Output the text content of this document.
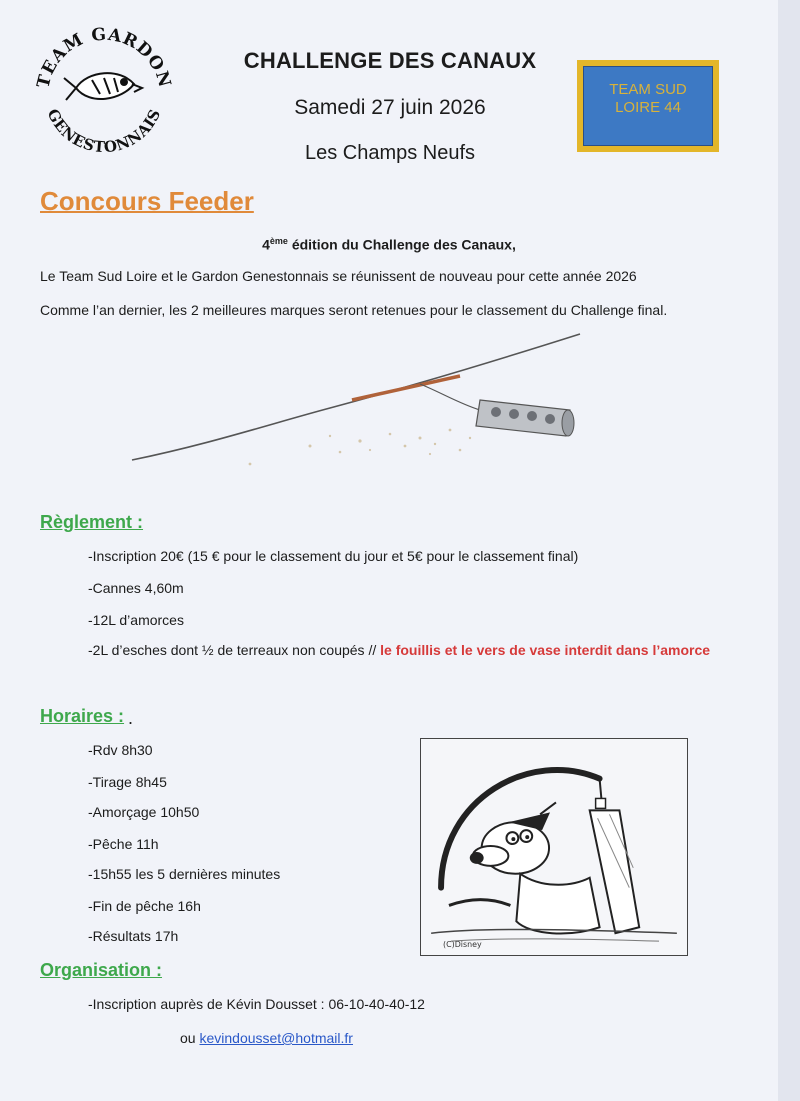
TEAM GARDON
GENESTONNAIS
CHALLENGE DES CANAUX
Samedi 27 juin 2026
Les Champs Neufs
TEAM SUD
LOIRE 44
Concours Feeder
4ème édition du Challenge des Canaux,
Le Team Sud Loire et le Gardon Genestonnais se réunissent de nouveau pour cette année 2026
Comme l’an dernier, les 2 meilleures marques seront retenues pour le classement du Challenge final.
Règlement :
-Inscription 20€ (15 € pour le classement du jour et 5€ pour le classement final)
-Cannes 4,60m
-12L d’amorces
-2L d’esches dont ½ de terreaux non coupés // le fouillis et le vers de vase interdit dans l’amorce
Horaires : .
-Rdv 8h30
-Tirage 8h45
-Amorçage 10h50
-Pêche 11h
-15h55 les 5 dernières minutes
-Fin de pêche 16h
-Résultats 17h
(C)Disney
Organisation :
-Inscription auprès de Kévin Dousset : 06-10-40-40-12
ou kevindousset@hotmail.fr
